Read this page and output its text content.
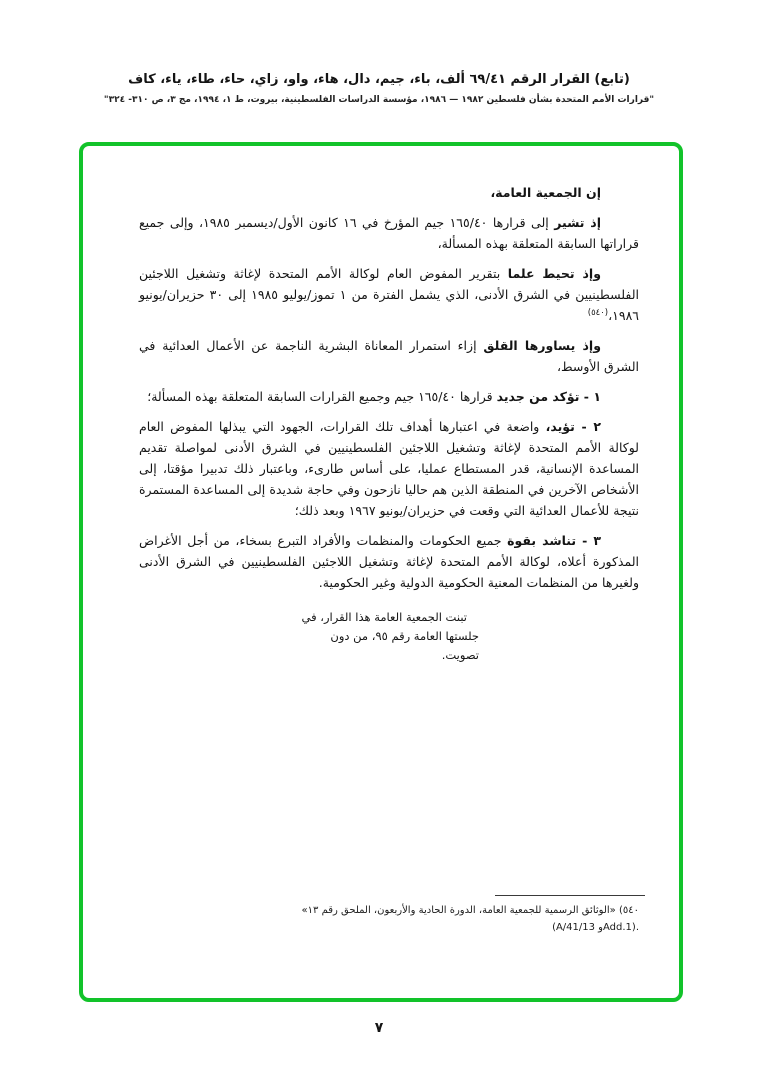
(تابع) القرار الرقم ٦٩/٤١ ألف، باء، جيم، دال، هاء، واو، زاي، حاء، طاء، ياء، كاف
"قرارات الأمم المتحدة بشأن فلسطين ١٩٨٢ — ١٩٨٦، مؤسسة الدراسات الفلسطينية، بيروت، ط ١، ١٩٩٤، مج ٣، ص ٣١٠- ٣٢٤"

إن الجمعية العامة،

إذ تشير إلى قرارها ١٦٥/٤٠ جيم المؤرخ في ١٦ كانون الأول/ديسمبر ١٩٨٥، وإلى جميع قراراتها السابقة المتعلقة بهذه المسألة،

وإذ تحيط علما بتقرير المفوض العام لوكالة الأمم المتحدة لإغاثة وتشغيل اللاجئين الفلسطينيين في الشرق الأدنى، الذي يشمل الفترة من ١ تموز/يوليو ١٩٨٥ إلى ٣٠ حزيران/يونيو ١٩٨٦،$^{(٥٤٠)}$

وإذ يساورها القلق إزاء استمرار المعاناة البشرية الناجمة عن الأعمال العدائية في الشرق الأوسط،

١ - تؤكد من جديد قرارها ١٦٥/٤٠ جيم وجميع القرارات السابقة المتعلقة بهذه المسألة؛

٢ - تؤيد، واضعة في اعتبارها أهداف تلك القرارات، الجهود التي يبذلها المفوض العام لوكالة الأمم المتحدة لإغاثة وتشغيل اللاجئين الفلسطينيين في الشرق الأدنى لمواصلة تقديم المساعدة الإنسانية، قدر المستطاع عمليا، على أساس طارىء، وباعتبار ذلك تدبيرا مؤقتا، إلى الأشخاص الآخرين في المنطقة الذين هم حاليا نازحون وفي حاجة شديدة إلى المساعدة المستمرة نتيجة للأعمال العدائية التي وقعت في حزيران/يونيو ١٩٦٧ وبعد ذلك؛

٣ - تناشد بقوة جميع الحكومات والمنظمات والأفراد التبرع بسخاء، من أجل الأغراض المذكورة أعلاه، لوكالة الأمم المتحدة لإغاثة وتشغيل اللاجئين الفلسطينيين في الشرق الأدنى ولغيرها من المنظمات المعنية الحكومية الدولية وغير الحكومية.

تبنت الجمعية العامة هذا القرار، في جلستها العامة رقم ٩٥، من دون تصويت.
٥٤٠) «الوثائق الرسمية للجمعية العامة، الدورة الحادية والأربعون، الملحق رقم ١٣» (A/41/13 وAdd.1).
٧
